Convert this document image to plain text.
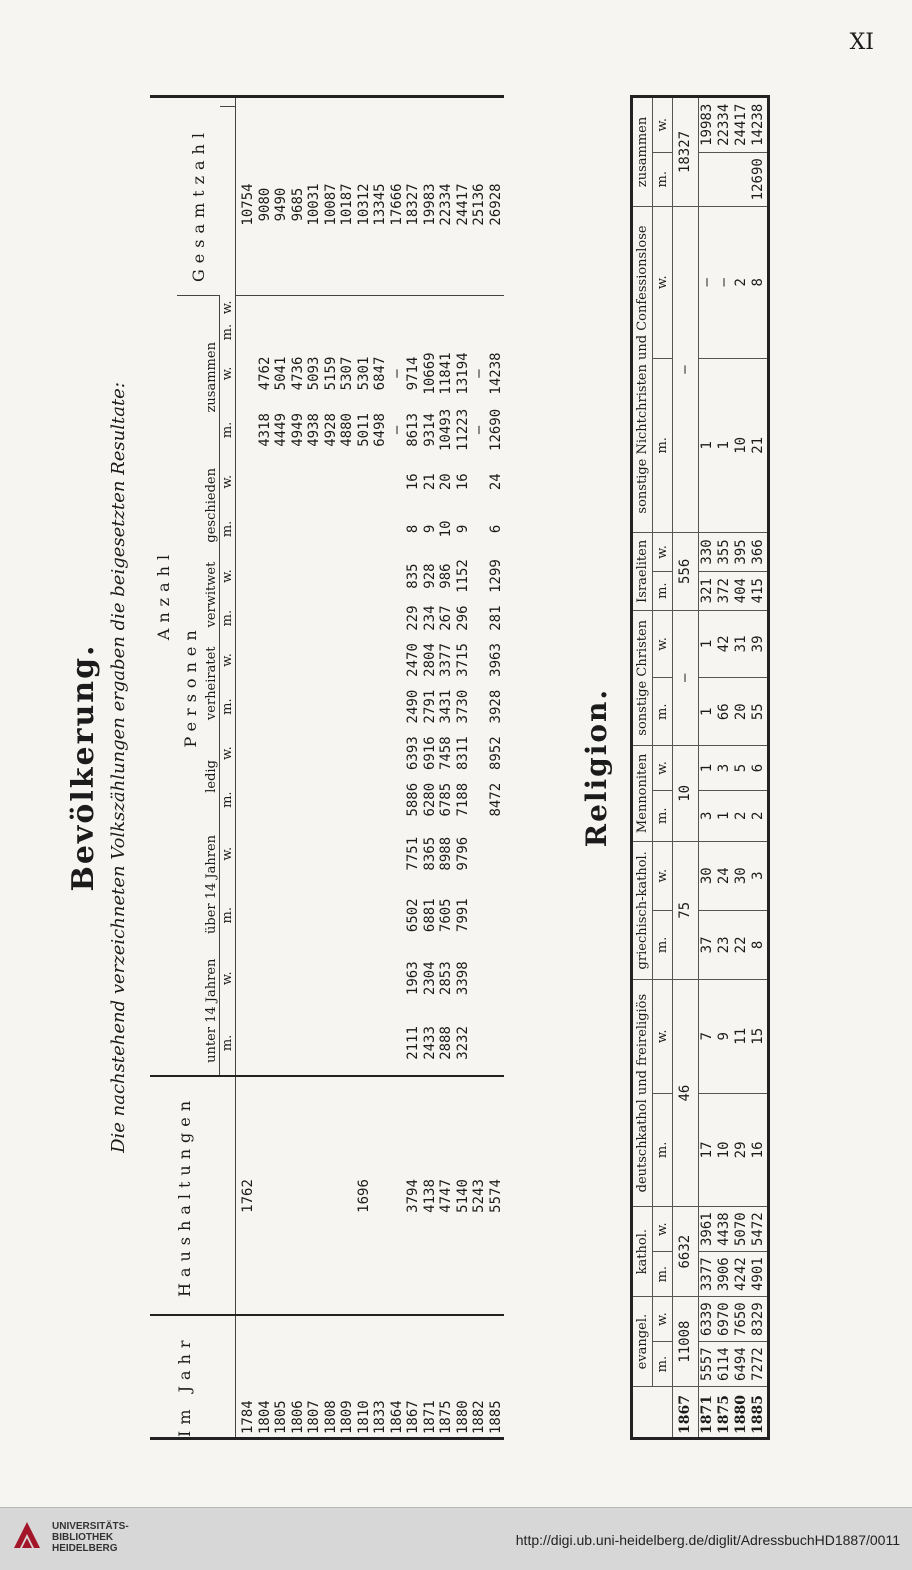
XI
Bevölkerung. Die nachstehend verzeichneten Volkszählungen ergaben die beigesetzten Resultate:
Im Jahr	Haushaltungen	Anzahl																		
		Personen																Gesamtzahl		
		unter 14 Jahren		über 14 Jahren		ledig		verheiratet		verwitwet		geschieden		zusammen						
		m.	w.	m.	w.	m.	w.	m.	w.	m.	w.	m.	w.	m.	w.	m.	w.			
1784	1762																	10754		
1804														4318	4762			9080		
1805														4449	5041			9490		
1806														4949	4736			9685		
1807														4938	5093			10031		
1808														4928	5159			10087		
1809														4880	5307			10187		
1810	1696													5011	5301			10312		
1833														6498	6847			13345		
1864														—	—			17666		
1867	3794	2111	1963	6502	7751	5886	6393	2490	2470	229	835	8	16	8613	9714			18327		
1871	4138	2433	2304	6881	8365	6280	6916	2791	2804	234	928	9	21	9314	10669			19983		
1875	4747	2888	2853	7605	8988	6785	7458	3431	3377	267	986	10	20	10493	11841			22334		
1880	5140	3232	3398	7991	9796	7188	8311	3730	3715	296	1152	9	16	11223	13194			24417		
1882	5243													—	—			25136		
1885	5574					8472	8952	3928	3963	281	1299	6	24	12690	14238			26928		
Religion.
	evangel.		kathol.		deutschkathol und freireligiös		griechisch-kathol.		Mennoniten		sonstige Christen		Israeliten		sonstige Nichtchristen und Confessionslose		zusammen	
	m.	w.	m.	w.	m.	w.	m.	w.	m.	w.	m.	w.	m.	w.	m.	w.	m.	w.
1867	11008		6632		46		75		10		—		556		—		18327	
1871	5557	6339	3377	3961	17	7	37	30	3	1	1	1	321	330	1	—		19983
1875	6114	6970	3906	4438	10	9	23	24	1	3	66	42	372	355	1	—		22334
1880	6494	7650	4242	5070	29	11	22	30	2	5	20	31	404	395	10	2		24417
1885	7272	8329	4901	5472	16	15	8	3	2	6	55	39	415	366	21	8	12690	14238
UNIVERSITÄTS-
BIBLIOTHEK
HEIDELBERG
http://digi.ub.uni-heidelberg.de/diglit/AdressbuchHD1887/0011
